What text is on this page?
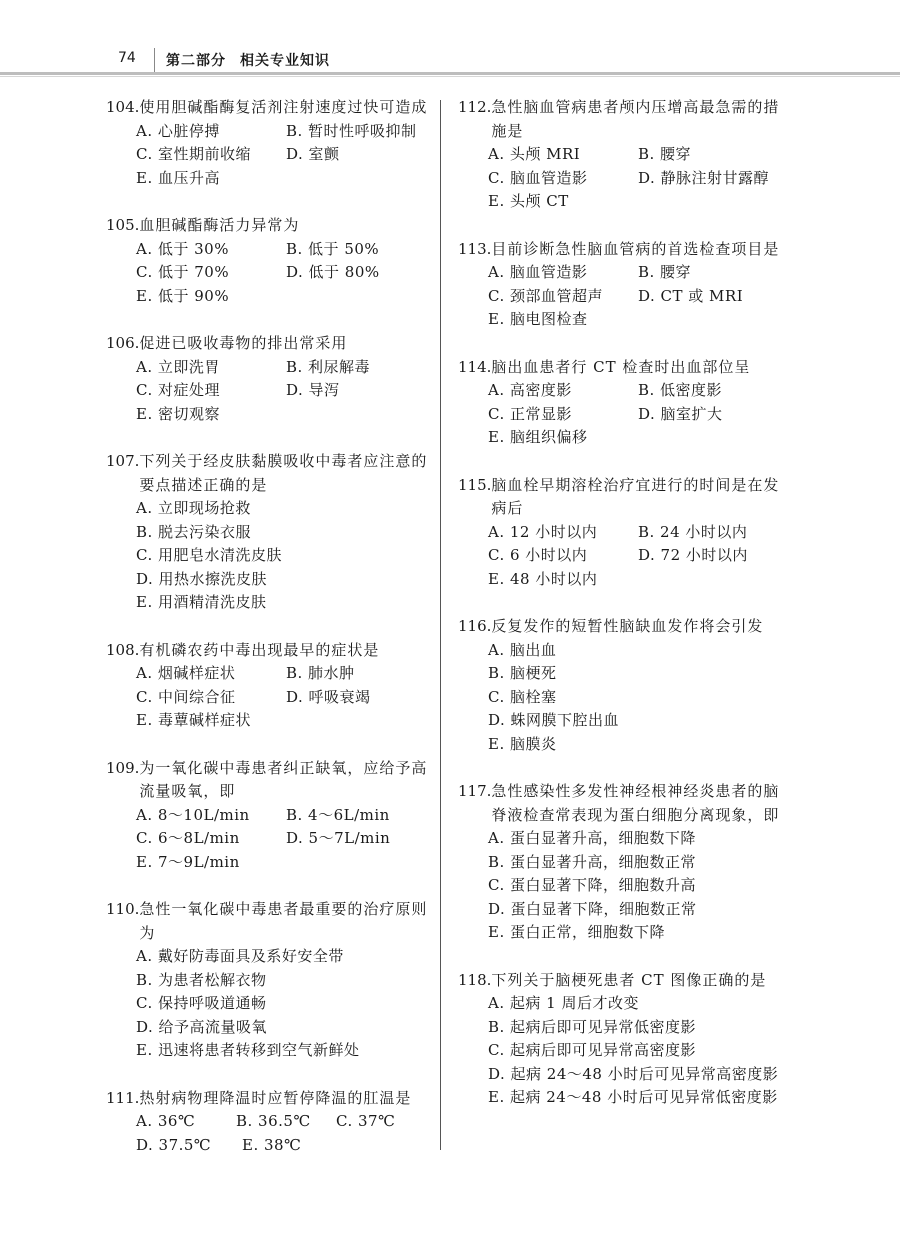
74 第二部分 相关专业知识
104. 使用胆碱酯酶复活剂注射速度过快可造成
A. 心脏停搏	B. 暂时性呼吸抑制
C. 室性期前收缩	D. 室颤
E. 血压升高
105. 血胆碱酯酶活力异常为
A. 低于 30%	B. 低于 50%
C. 低于 70%	D. 低于 80%
E. 低于 90%
106. 促进已吸收毒物的排出常采用
A. 立即洗胃	B. 利尿解毒
C. 对症处理	D. 导泻
E. 密切观察
107. 下列关于经皮肤黏膜吸收中毒者应注意的要点描述正确的是
A. 立即现场抢救
B. 脱去污染衣服
C. 用肥皂水清洗皮肤
D. 用热水擦洗皮肤
E. 用酒精清洗皮肤
108. 有机磷农药中毒出现最早的症状是
A. 烟碱样症状	B. 肺水肿
C. 中间综合征	D. 呼吸衰竭
E. 毒蕈碱样症状
109. 为一氧化碳中毒患者纠正缺氧，应给予高流量吸氧，即
A. 8～10L/min	B. 4～6L/min
C. 6～8L/min	D. 5～7L/min
E. 7～9L/min
110. 急性一氧化碳中毒患者最重要的治疗原则为
A. 戴好防毒面具及系好安全带
B. 为患者松解衣物
C. 保持呼吸道通畅
D. 给予高流量吸氧
E. 迅速将患者转移到空气新鲜处
111. 热射病物理降温时应暂停降温的肛温是
A. 36℃	B. 36.5℃	C. 37℃
D. 37.5℃	E. 38℃
112. 急性脑血管病患者颅内压增高最急需的措施是
A. 头颅 MRI	B. 腰穿
C. 脑血管造影	D. 静脉注射甘露醇
E. 头颅 CT
113. 目前诊断急性脑血管病的首选检查项目是
A. 脑血管造影	B. 腰穿
C. 颈部血管超声	D. CT 或 MRI
E. 脑电图检查
114. 脑出血患者行 CT 检查时出血部位呈
A. 高密度影	B. 低密度影
C. 正常显影	D. 脑室扩大
E. 脑组织偏移
115. 脑血栓早期溶栓治疗宜进行的时间是在发病后
A. 12 小时以内	B. 24 小时以内
C. 6 小时以内	D. 72 小时以内
E. 48 小时以内
116. 反复发作的短暂性脑缺血发作将会引发
A. 脑出血
B. 脑梗死
C. 脑栓塞
D. 蛛网膜下腔出血
E. 脑膜炎
117. 急性感染性多发性神经根神经炎患者的脑脊液检查常表现为蛋白细胞分离现象，即
A. 蛋白显著升高，细胞数下降
B. 蛋白显著升高，细胞数正常
C. 蛋白显著下降，细胞数升高
D. 蛋白显著下降，细胞数正常
E. 蛋白正常，细胞数下降
118. 下列关于脑梗死患者 CT 图像正确的是
A. 起病 1 周后才改变
B. 起病后即可见异常低密度影
C. 起病后即可见异常高密度影
D. 起病 24～48 小时后可见异常高密度影
E. 起病 24～48 小时后可见异常低密度影
